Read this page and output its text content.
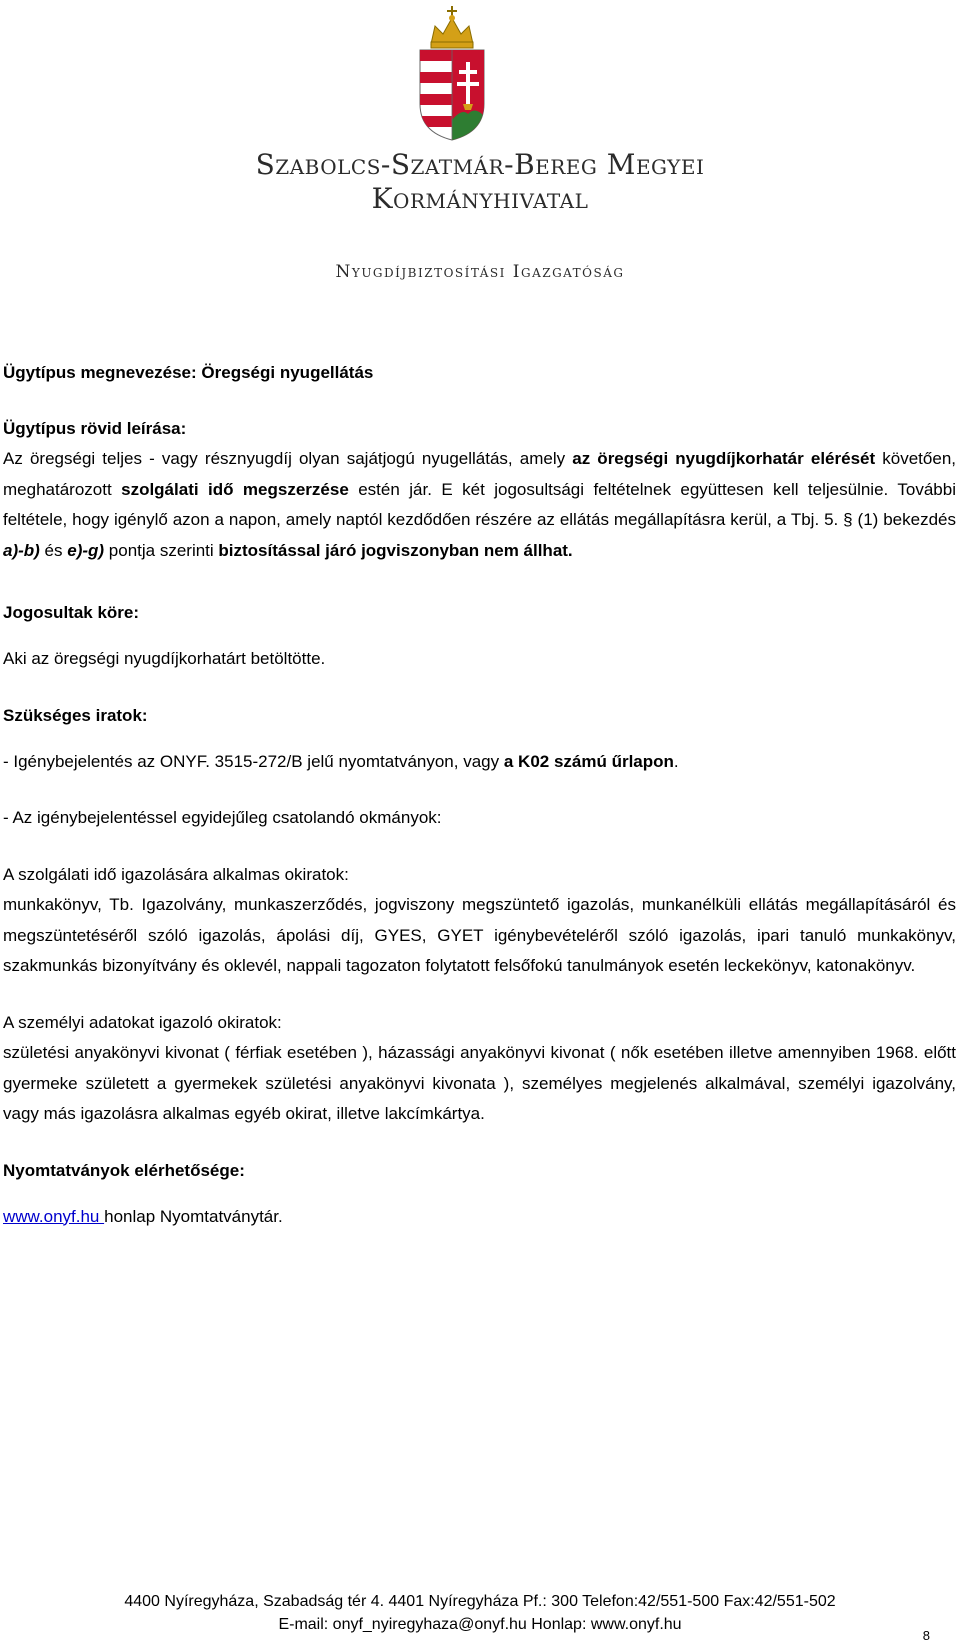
Szabolcs-Szatmár-Bereg Megyei
Kormányhivatal
Nyugdíjbiztosítási Igazgatóság
Ügytípus megnevezése: Öregségi nyugellátás
Ügytípus rövid leírása:
Az öregségi teljes - vagy résznyugdíj olyan sajátjogú nyugellátás, amely az öregségi nyugdíjkorhatár elérését követően, meghatározott szolgálati idő megszerzése estén jár. E két jogosultsági feltételnek együttesen kell teljesülnie. További feltétele, hogy igénylő azon a napon, amely naptól kezdődően részére az ellátás megállapításra kerül, a Tbj. 5. § (1) bekezdés a)-b) és e)-g) pontja szerinti biztosítással járó jogviszonyban nem állhat.
Jogosultak köre:
Aki az öregségi nyugdíjkorhatárt betöltötte.
Szükséges iratok:
- Igénybejelentés az ONYF. 3515-272/B jelű nyomtatványon, vagy a K02 számú űrlapon.
- Az igénybejelentéssel egyidejűleg csatolandó okmányok:
A szolgálati idő igazolására alkalmas okiratok:
munkakönyv, Tb. Igazolvány, munkaszerződés, jogviszony megszüntető igazolás, munkanélküli ellátás megállapításáról és megszüntetéséről szóló igazolás, ápolási díj, GYES, GYET igénybevételéről szóló igazolás, ipari tanuló munkakönyv, szakmunkás bizonyítvány és oklevél, nappali tagozaton folytatott felsőfokú tanulmányok esetén leckekönyv, katonakönyv.
A személyi adatokat igazoló okiratok:
születési anyakönyvi kivonat ( férfiak esetében ), házassági anyakönyvi kivonat ( nők esetében illetve amennyiben 1968. előtt gyermeke született a gyermekek születési anyakönyvi kivonata ), személyes megjelenés alkalmával, személyi igazolvány, vagy más igazolásra alkalmas egyéb okirat, illetve lakcímkártya.
Nyomtatványok elérhetősége:
www.onyf.hu honlap Nyomtatványtár.
4400 Nyíregyháza, Szabadság tér 4. 4401 Nyíregyháza Pf.: 300 Telefon:42/551-500 Fax:42/551-502
E-mail: onyf_nyiregyhaza@onyf.hu Honlap: www.onyf.hu
8
